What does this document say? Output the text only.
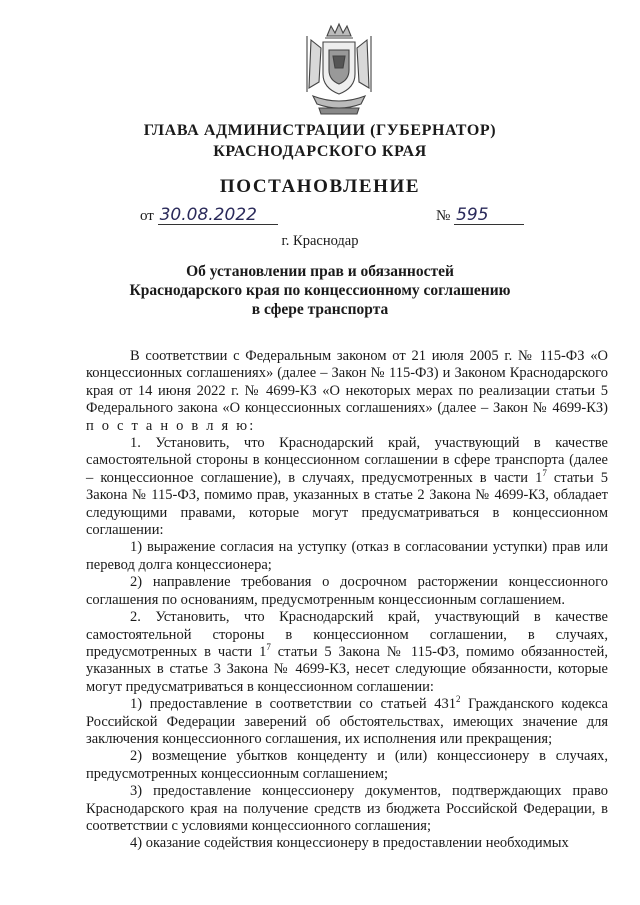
ГЛАВА АДМИНИСТРАЦИИ (ГУБЕРНАТОР)
КРАСНОДАРСКОГО КРАЯ
ПОСТАНОВЛЕНИЕ
от 30.08.2022	№ 595
г. Краснодар
Об установлении прав и обязанностей
Краснодарского края по концессионному соглашению
в сфере транспорта

В соответствии с Федеральным законом от 21 июля 2005 г. № 115-ФЗ «О концессионных соглашениях» (далее – Закон № 115-ФЗ) и Законом Краснодарского края от 14 июня 2022 г. № 4699-КЗ «О некоторых мерах по реализации статьи 5 Федерального закона «О концессионных соглашениях» (далее – Закон № 4699-КЗ) п о с т а н о в л я ю:

1. Установить, что Краснодарский край, участвующий в качестве самостоятельной стороны в концессионном соглашении в сфере транспорта (далее – концессионное соглашение), в случаях, предусмотренных в части $1^7$ статьи 5 Закона № 115-ФЗ, помимо прав, указанных в статье 2 Закона № 4699-КЗ, обладает следующими правами, которые могут предусматриваться в концессионном соглашении:

1) выражение согласия на уступку (отказ в согласовании уступки) прав или перевод долга концессионера;

2) направление требования о досрочном расторжении концессионного соглашения по основаниям, предусмотренным концессионным соглашением.

2. Установить, что Краснодарский край, участвующий в качестве самостоятельной стороны в концессионном соглашении, в случаях, предусмотренных в части $1^7$ статьи 5 Закона № 115-ФЗ, помимо обязанностей, указанных в статье 3 Закона № 4699-КЗ, несет следующие обязанности, которые могут предусматриваться в концессионном соглашении:

1) предоставление в соответствии со статьей $431^2$ Гражданского кодекса Российской Федерации заверений об обстоятельствах, имеющих значение для заключения концессионного соглашения, их исполнения или прекращения;

2) возмещение убытков концеденту и (или) концессионеру в случаях, предусмотренных концессионным соглашением;

3) предоставление концессионеру документов, подтверждающих право Краснодарского края на получение средств из бюджета Российской Федерации, в соответствии с условиями концессионного соглашения;

4) оказание содействия концессионеру в предоставлении необходимых
